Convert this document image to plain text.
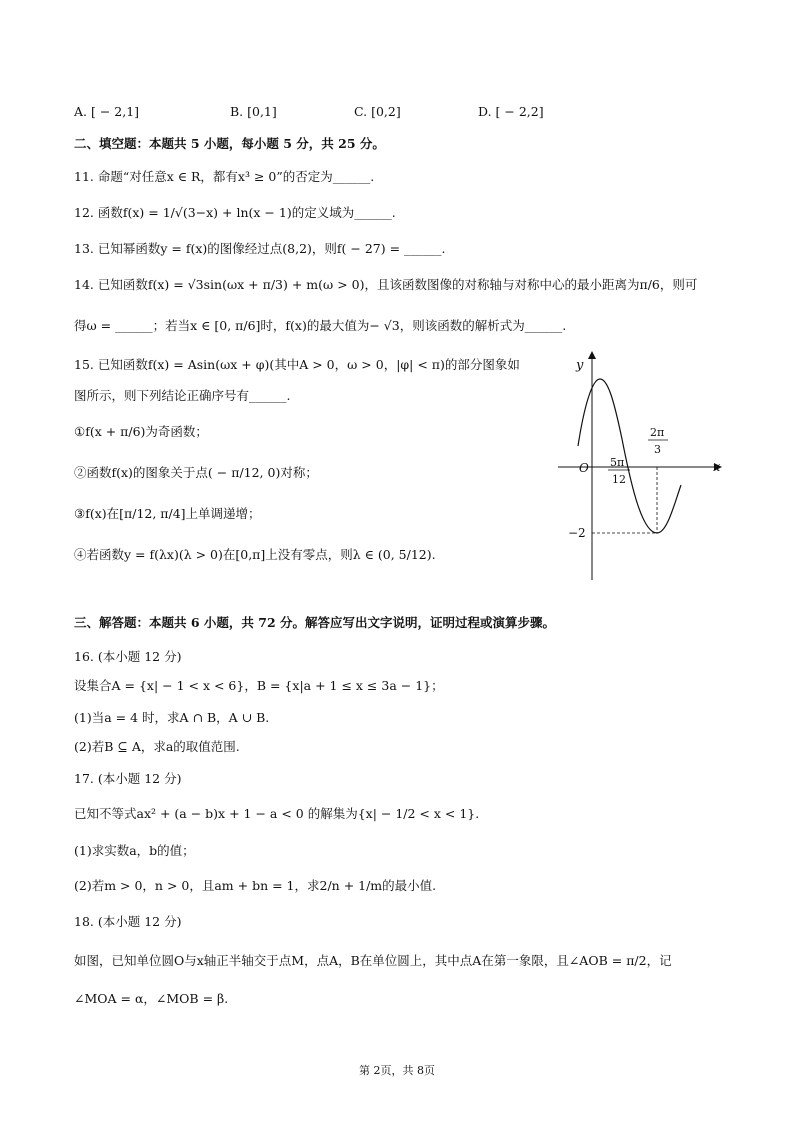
A. [ − 2,1]	B. [0,1]	C. [0,2]	D. [ − 2,2]
二、填空题：本题共 5 小题，每小题 5 分，共 25 分。
11. 命题“对任意x ∈ R，都有x³ ≥ 0”的否定为______.
12. 函数f(x) = 1/√(3−x) + ln(x − 1)的定义域为______.
13. 已知幂函数y = f(x)的图像经过点(8,2)，则f( − 27) = ______.
14. 已知函数f(x) = √3sin(ωx + π/3) + m(ω > 0)，且该函数图像的对称轴与对称中心的最小距离为π/6，则可
得ω = ______；若当x ∈ [0, π/6]时，f(x)的最大值为− √3，则该函数的解析式为______.
15. 已知函数f(x) = Asin(ωx + φ)(其中A > 0，ω > 0，|φ| < π)的部分图象如
图所示，则下列结论正确序号有______.
①f(x + π/6)为奇函数；
②函数f(x)的图象关于点( − π/12, 0)对称；
③f(x)在[π/12, π/4]上单调递增；
④若函数y = f(λx)(λ > 0)在[0,π]上没有零点，则λ ∈ (0, 5/12).
y
x
O 5π
12
2π
3
−2
三、解答题：本题共 6 小题，共 72 分。解答应写出文字说明，证明过程或演算步骤。
16. (本小题 12 分)
设集合A = {x| − 1 < x < 6}，B = {x|a + 1 ≤ x ≤ 3a − 1}；
(1)当a = 4 时，求A ∩ B，A ∪ B.
(2)若B ⊆ A，求a的取值范围.
17. (本小题 12 分)
已知不等式ax² + (a − b)x + 1 − a < 0 的解集为{x| − 1/2 < x < 1}.
(1)求实数a，b的值；
(2)若m > 0，n > 0，且am + bn = 1，求2/n + 1/m的最小值.
18. (本小题 12 分)
如图，已知单位圆O与x轴正半轴交于点M，点A，B在单位圆上，其中点A在第一象限，且∠AOB = π/2，记
∠MOA = α，∠MOB = β.
第 2页，共 8页
